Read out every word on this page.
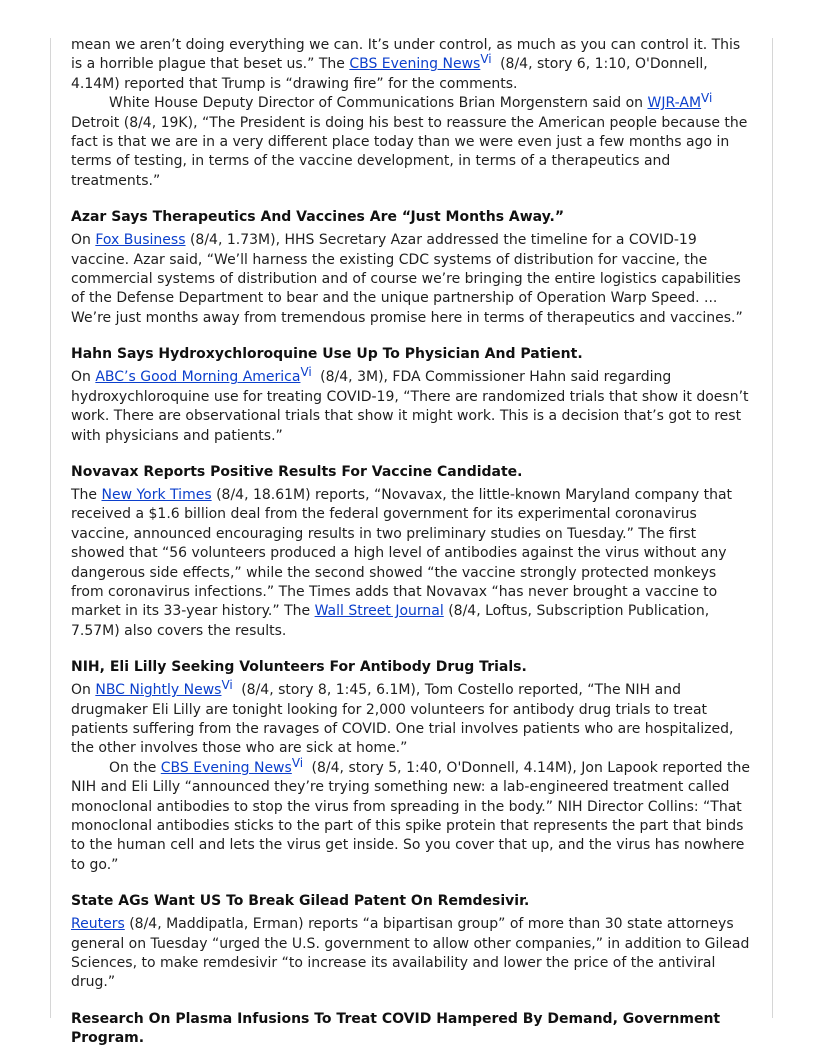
mean we aren’t doing everything we can. It’s under control, as much as you can control it. This is a horrible plague that beset us.” The CBS Evening News$^{Vi}$ (8/4, story 6, 1:10, O'Donnell, 4.14M) reported that Trump is “drawing fire” for the comments.

White House Deputy Director of Communications Brian Morgenstern said on WJR-$AM^{Vi}$ Detroit (8/4, 19K), “The President is doing his best to reassure the American people because the fact is that we are in a very different place today than we were even just a few months ago in terms of testing, in terms of the vaccine development, in terms of a therapeutics and treatments.”

Azar Says Therapeutics And Vaccines Are “Just Months Away.”

On Fox Business (8/4, 1.73M), HHS Secretary Azar addressed the timeline for a COVID-19 vaccine. Azar said, “We’ll harness the existing CDC systems of distribution for vaccine, the commercial systems of distribution and of course we’re bringing the entire logistics capabilities of the Defense Department to bear and the unique partnership of Operation Warp Speed. ... We’re just months away from tremendous promise here in terms of therapeutics and vaccines.”

Hahn Says Hydroxychloroquine Use Up To Physician And Patient.

On ABC’s Good Morning America$^{Vi}$ (8/4, 3M), FDA Commissioner Hahn said regarding hydroxychloroquine use for treating COVID-19, “There are randomized trials that show it doesn’t work. There are observational trials that show it might work. This is a decision that’s got to rest with physicians and patients.”

Novavax Reports Positive Results For Vaccine Candidate.

The New York Times (8/4, 18.61M) reports, “Novavax, the little-known Maryland company that received a $1.6 billion deal from the federal government for its experimental coronavirus vaccine, announced encouraging results in two preliminary studies on Tuesday.” The first showed that “56 volunteers produced a high level of antibodies against the virus without any dangerous side effects,” while the second showed “the vaccine strongly protected monkeys from coronavirus infections.” The Times adds that Novavax “has never brought a vaccine to market in its 33-year history.” The Wall Street Journal (8/4, Loftus, Subscription Publication, 7.57M) also covers the results.

NIH, Eli Lilly Seeking Volunteers For Antibody Drug Trials.

On NBC Nightly News$^{Vi}$ (8/4, story 8, 1:45, 6.1M), Tom Costello reported, “The NIH and drugmaker Eli Lilly are tonight looking for 2,000 volunteers for antibody drug trials to treat patients suffering from the ravages of COVID. One trial involves patients who are hospitalized, the other involves those who are sick at home.”

On the CBS Evening News$^{Vi}$ (8/4, story 5, 1:40, O'Donnell, 4.14M), Jon Lapook reported the NIH and Eli Lilly “announced they’re trying something new: a lab-engineered treatment called monoclonal antibodies to stop the virus from spreading in the body.” NIH Director Collins: “That monoclonal antibodies sticks to the part of this spike protein that represents the part that binds to the human cell and lets the virus get inside. So you cover that up, and the virus has nowhere to go.”

State AGs Want US To Break Gilead Patent On Remdesivir.

Reuters (8/4, Maddipatla, Erman) reports “a bipartisan group” of more than 30 state attorneys general on Tuesday “urged the U.S. government to allow other companies,” in addition to Gilead Sciences, to make remdesivir “to increase its availability and lower the price of the antiviral drug.”

Research On Plasma Infusions To Treat COVID Hampered By Demand, Government Program.
